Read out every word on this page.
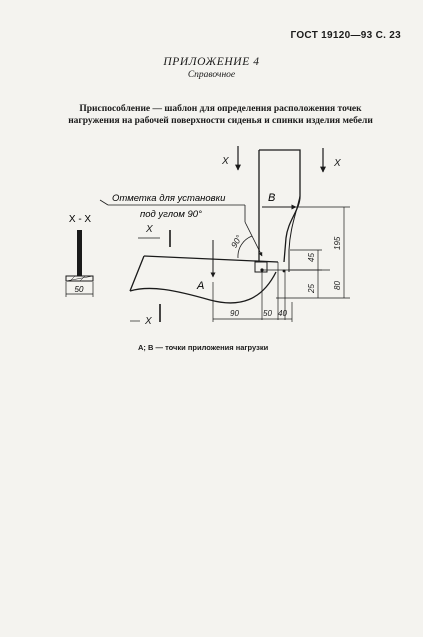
ГОСТ 19120—93 С. 23
ПРИЛОЖЕНИЕ 4
Справочное
Приспособление — шаблон для определения расположения точек нагружения на рабочей поверхности сиденья и спинки изделия мебели
X - X
50
90°
Отметка для установки
под углом 90°
A
B
X	X
X
X
45
195
25 80
90	50 40
А; В — точки приложения нагрузки
